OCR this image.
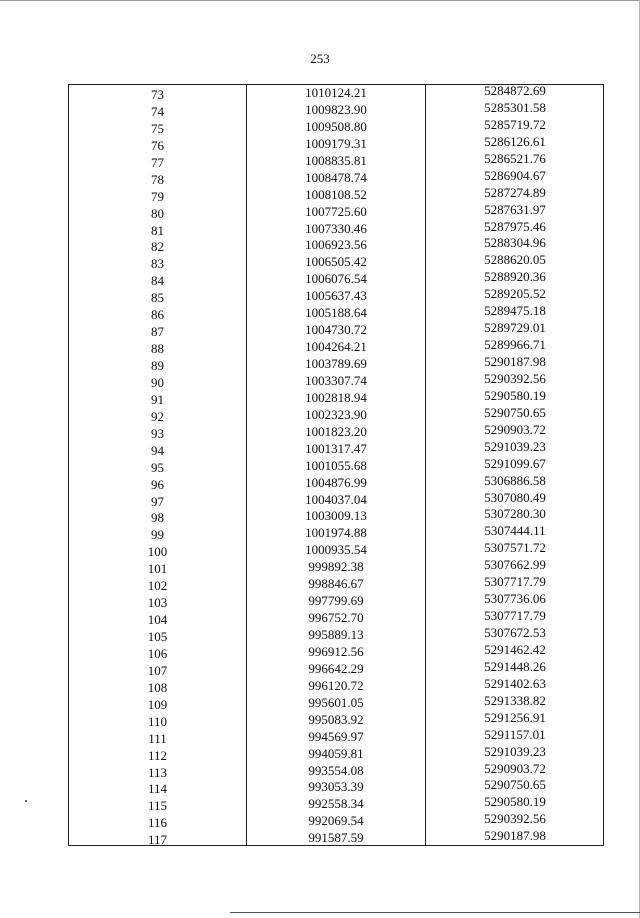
253
73	1010124.21	5284872.69
74	1009823.90	5285301.58
75	1009508.80	5285719.72
76	1009179.31	5286126.61
77	1008835.81	5286521.76
78	1008478.74	5286904.67
79	1008108.52	5287274.89
80	1007725.60	5287631.97
81	1007330.46	5287975.46
82	1006923.56	5288304.96
83	1006505.42	5288620.05
84	1006076.54	5288920.36
85	1005637.43	5289205.52
86	1005188.64	5289475.18
87	1004730.72	5289729.01
88	1004264.21	5289966.71
89	1003789.69	5290187.98
90	1003307.74	5290392.56
91	1002818.94	5290580.19
92	1002323.90	5290750.65
93	1001823.20	5290903.72
94	1001317.47	5291039.23
95	1001055.68	5291099.67
96	1004876.99	5306886.58
97	1004037.04	5307080.49
98	1003009.13	5307280.30
99	1001974.88	5307444.11
100	1000935.54	5307571.72
101	999892.38	5307662.99
102	998846.67	5307717.79
103	997799.69	5307736.06
104	996752.70	5307717.79
105	995889.13	5307672.53
106	996912.56	5291462.42
107	996642.29	5291448.26
108	996120.72	5291402.63
109	995601.05	5291338.82
110	995083.92	5291256.91
111	994569.97	5291157.01
112	994059.81	5291039.23
113	993554.08	5290903.72
114	993053.39	5290750.65
115	992558.34	5290580.19
116	992069.54	5290392.56
117	991587.59	5290187.98
